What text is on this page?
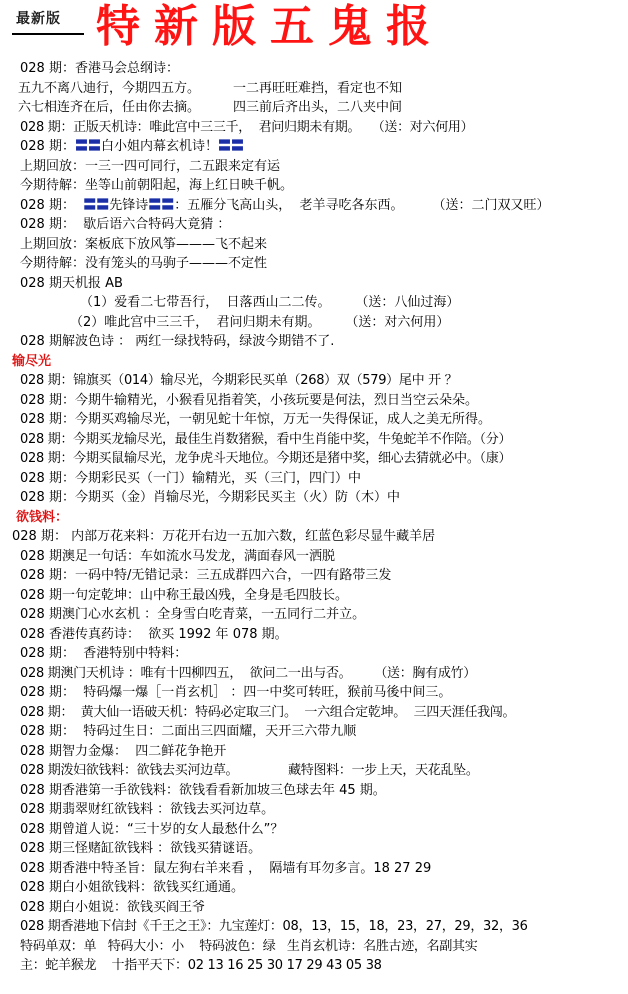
最新版 特新版五鬼报
028 期：香港马会总纲诗：
五九不离八迪行，今期四五方。        一二再旺旺难挡，看定也不知
六七相连齐在后，任由你去摘。        四三前后齐出头，二八夹中间
028 期：正版天机诗：唯此宫中三三千，  君问归期未有期。   （送：对六何用）
028 期：〓〓白小姐内幕玄机诗！〓〓
上期回放：一三一四可同行，二五跟来定有运
今期待解：坐等山前朝阳起，海上红日映千帆。
028 期：  〓〓先锋诗〓〓：五雁分飞高山头，  老羊寻吃各东西。       （送：二门双又旺）
028 期：  歇后语六合特码大竟猜 ：
上期回放：案板底下放风筝———飞不起来
今期待解：没有笼头的马驹子———不定性
028 期天机报 AB
（1）爱看二七带吾行，  日落西山二二传。      （送：八仙过海）
（2）唯此宫中三三千，  君问归期未有期。      （送：对六何用）
028 期解波色诗 ： 两红一绿找特码，绿波今期错不了.
输尽光
028 期：锦旗买（014）输尽光，今期彩民买单（268）双（579）尾中 开 ？
028 期：今期牛输精光，小猴看见指着笑，小孩玩要是何法，烈日当空云朵朵。
028 期：今期买鸡输尽光，一朝见蛇十年惊，万无一失得保证，成人之美无所得。
028 期：今期买龙输尽光，最佳生肖数猪猴，看中生肖能中奖，牛兔蛇羊不作陪。（分）
028 期：今期买鼠输尽光，龙争虎斗天地位。今期还是猪中奖，细心去猜就必中。（康）
028 期：今期彩民买（一门）输精光，买（三门，四门）中
028 期：今期买（金）肖输尽光，今期彩民买主（火）防（木）中
欲钱料：
028 期： 内部万花来料：万花开右边一五加六数，红蓝色彩尽显牛藏羊居
028 期澳足一句话：车如流水马发龙，满面春风一洒脱
028 期：一码中特/无错记录：三五成群四六合，一四有路带三发
028 期一句定乾坤：山中称王最凶残，全身是毛四肢长。
028 期澳门心水玄机 ：全身雪白吃青菜，一五同行二并立。
028 香港传真药诗：  欲买 1992 年 078 期。
028 期：  香港特别中特料：
028 期澳门天机诗 ：唯有十四柳四五，  欲问二一出与否。      （送：胸有成竹）
028 期：  特码爆一爆［一肖玄机］ ：四一中奖可转旺，猴前马後中间三。
028 期：  黄大仙一语破天机：特码必定取三门。  一六组合定乾坤。  三四天涯任我闯。
028 期：  特码过生日：二面出三四面耀，天开三六带九顺
028 期智力金爆：  四二鲜花争艳开
028 期泼妇欲钱料：欲钱去买河边草。             藏特图料：一步上天，天花乱坠。
028 期香港第一手欲钱料：欲钱看看新加坡三色球去年 45 期。
028 期翡翠财红欲钱料 ：欲钱去买河边草。
028 期曾道人说：“三十岁的女人最愁什么”？
028 期三怪赌缸欲钱料 ：欲钱买猜谜语。
028 期香港中特圣旨：鼠左狗右羊来看 ，  隔墙有耳勿多言。18 27 29
028 期白小姐欲钱料：欲钱买红通通。
028 期白小姐说：欲钱买阎王爷
028 期香港地下信封《千王之王》：九宝莲灯：08，13，15，18，23，27，29，32，36
特码单双：单   特码大小：小    特码波色：绿   生肖玄机诗：名胜古迹，名副其实
主：蛇羊猴龙    十指平天下：02 13 16 25 30 17 29 43 05 38
